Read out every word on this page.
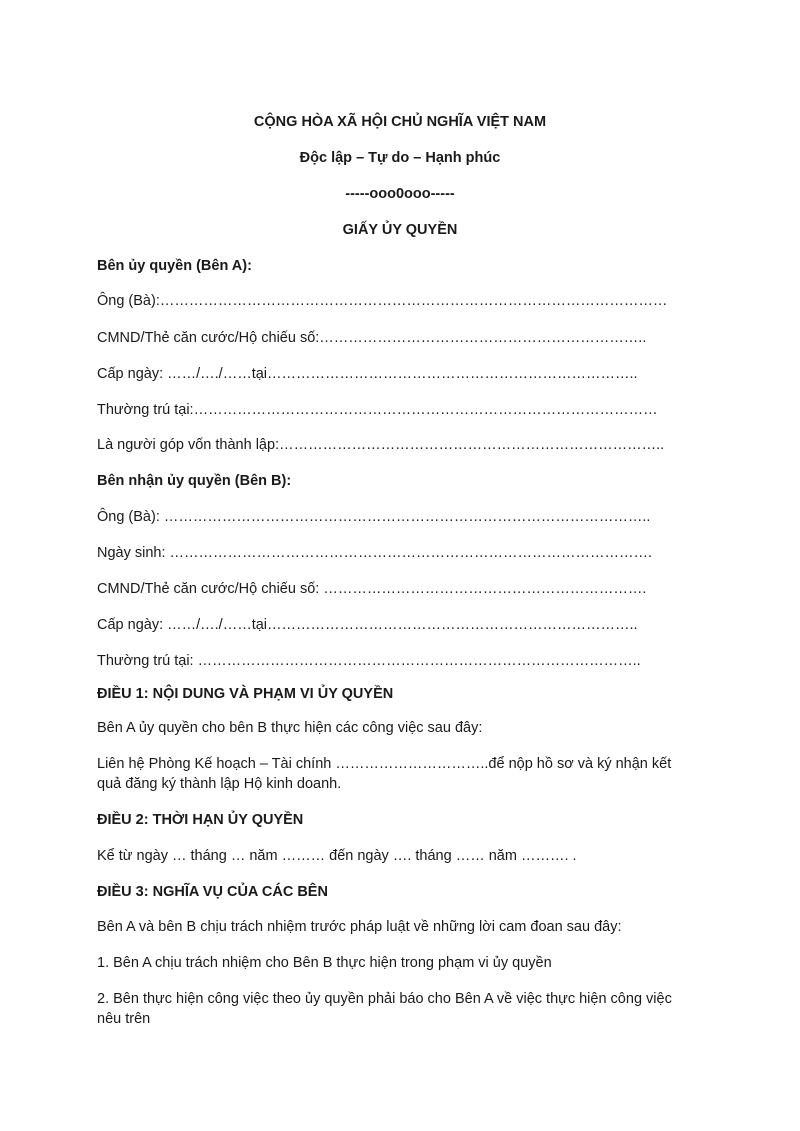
CỘNG HÒA XÃ HỘI CHỦ NGHĨA VIỆT NAM
Độc lập – Tự do – Hạnh phúc
-----ooo0ooo-----
GIẤY ỦY QUYỀN
Bên ủy quyền (Bên A):
Ông (Bà):……………………………………………………………………………………………
CMND/Thẻ căn cước/Hộ chiếu số:…………………………………………………………..
Cấp ngày: ……/…./……tại…………………………………………………………………..
Thường trú tại:……………………………………………………………………………………
Là người góp vốn thành lập:……………………………………………………………………..
Bên nhận ủy quyền (Bên B):
Ông (Bà): ………………………………………………………………………………………..
Ngày sinh: ……………………………………………………………………………………….
CMND/Thẻ căn cước/Hộ chiếu số: ………………………………………………………….
Cấp ngày: ……/…./……tại…………………………………………………………………..
Thường trú tại: ………………………………………………………………………………..
ĐIỀU 1: NỘI DUNG VÀ PHẠM VI ỦY QUYỀN
Bên A ủy quyền cho bên B thực hiện các công việc sau đây:
Liên hệ Phòng Kế hoạch – Tài chính …………………………..để nộp hồ sơ và ký nhận kết quả đăng ký thành lập Hộ kinh doanh.
ĐIỀU 2: THỜI HẠN ỦY QUYỀN
Kể từ ngày … tháng … năm ……… đến ngày …. tháng …… năm ………. .
ĐIỀU 3: NGHĨA VỤ CỦA CÁC BÊN
Bên A và bên B chịu trách nhiệm trước pháp luật về những lời cam đoan sau đây:
1. Bên A chịu trách nhiệm cho Bên B thực hiện trong phạm vi ủy quyền
2. Bên thực hiện công việc theo ủy quyền phải báo cho Bên A về việc thực hiện công việc nêu trên
